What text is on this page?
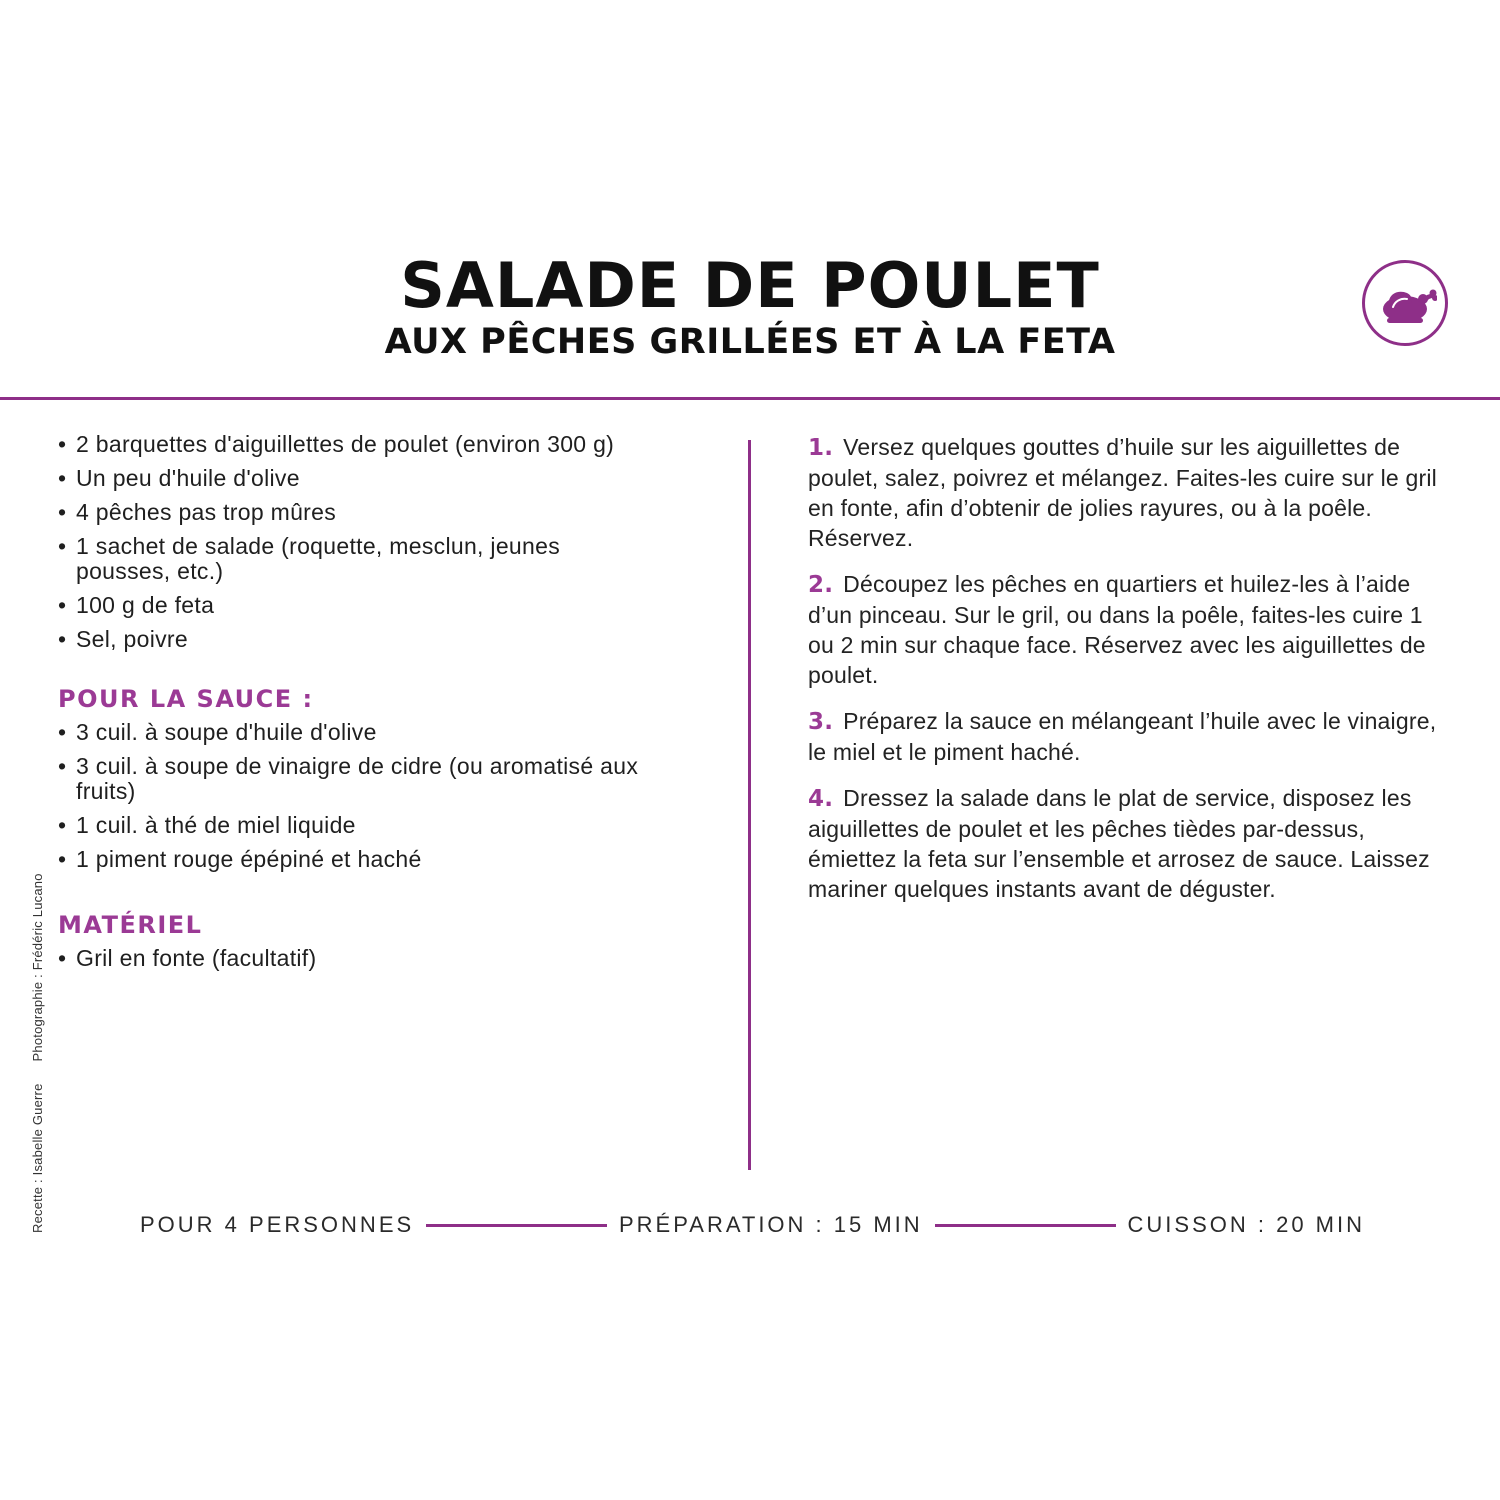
SALADE DE POULET
AUX PÊCHES GRILLÉES ET À LA FETA
• 2 barquettes d'aiguillettes de poulet (environ 300 g)
• Un peu d'huile d'olive
• 4 pêches pas trop mûres
• 1 sachet de salade (roquette, mesclun, jeunes pousses, etc.)
• 100 g de feta
• Sel, poivre
POUR LA SAUCE :
• 3 cuil. à soupe d'huile d'olive
• 3 cuil. à soupe de vinaigre de cidre (ou aromatisé aux fruits)
• 1 cuil. à thé de miel liquide
• 1 piment rouge épépiné et haché
MATÉRIEL
• Gril en fonte (facultatif)

1. Versez quelques gouttes d’huile sur les aiguillettes de poulet, salez, poivrez et mélangez. Faites-les cuire sur le gril en fonte, afin d’obtenir de jolies rayures, ou à la poêle. Réservez.

2. Découpez les pêches en quartiers et huilez-les à l’aide d’un pinceau. Sur le gril, ou dans la poêle, faites-les cuire 1 ou 2 min sur chaque face. Réservez avec les aiguillettes de poulet.

3. Préparez la sauce en mélangeant l’huile avec le vinaigre, le miel et le piment haché.

4. Dressez la salade dans le plat de service, disposez les aiguillettes de poulet et les pêches tièdes par-dessus, émiettez la feta sur l’ensemble et arrosez de sauce. Laissez mariner quelques instants avant de déguster.

Recette : Isabelle GuerrePhotographie : Frédéric Lucano
POUR 4 PERSONNES	PRÉPARATION : 15 MIN	CUISSON : 20 MIN
